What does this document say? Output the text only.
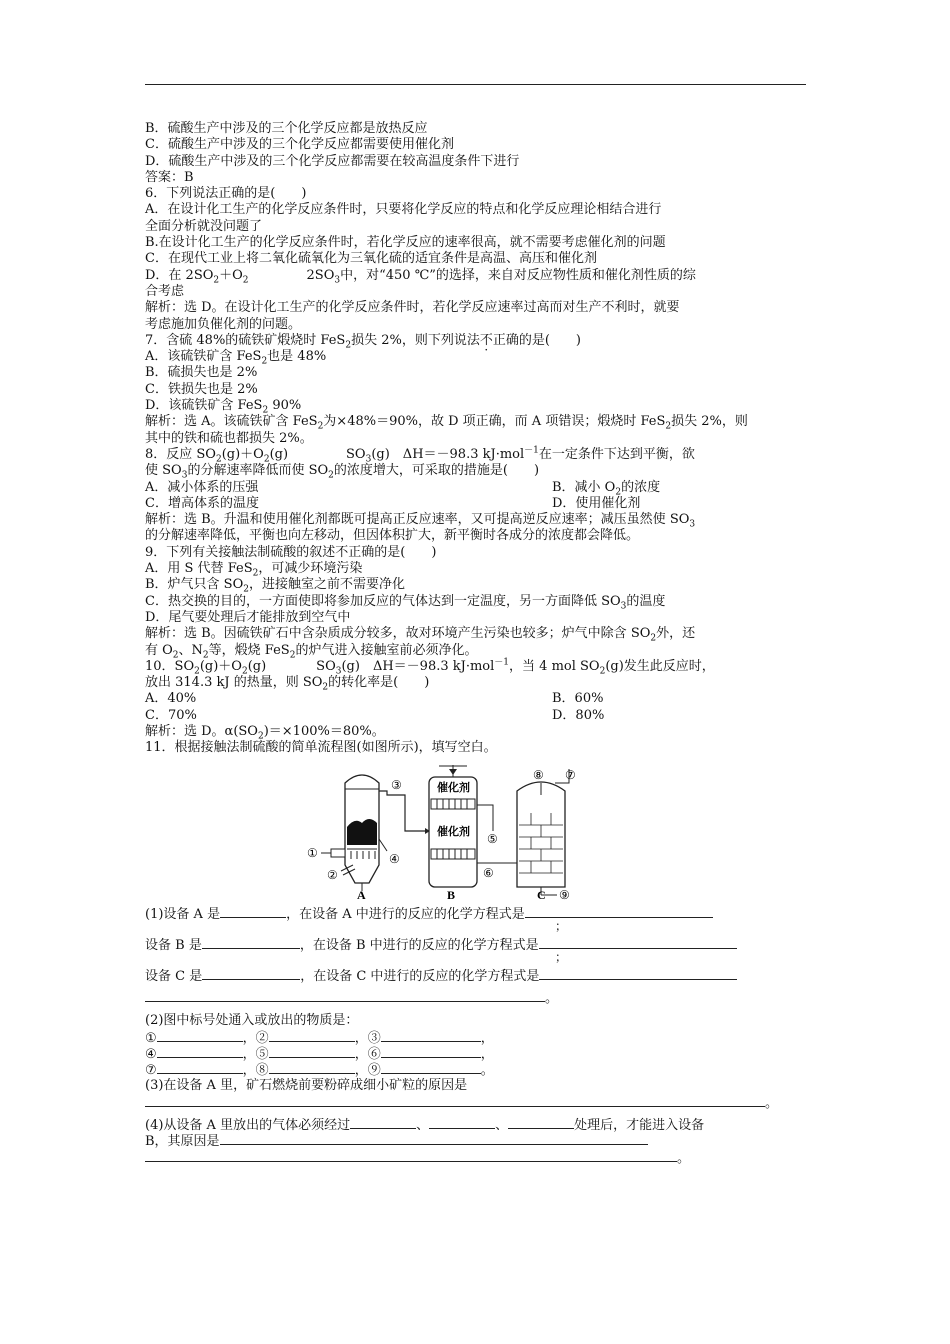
B．硫酸生产中涉及的三个化学反应都是放热反应
C．硫酸生产中涉及的三个化学反应都需要使用催化剂
D．硫酸生产中涉及的三个化学反应都需要在较高温度条件下进行
答案：B
6．下列说法正确的是(　　)
A．在设计化工生产的化学反应条件时，只要将化学反应的特点和化学反应理论相结合进行
全面分析就没问题了
B.在设计化工生产的化学反应条件时，若化学反应的速率很高，就不需要考虑催化剂的问题
C．在现代工业上将二氧化硫氧化为三氧化硫的适宜条件是高温、高压和催化剂
D．在 $2SO_2+O_2$	$2SO_3$中，对“450 ℃”的选择，来自对反应物性质和催化剂性质的综
合考虑
解析：选 D。在设计化工生产的化学反应条件时，若化学反应速率过高而对生产不利时，就要
考虑施加负催化剂的问题。
7．含硫 48%的硫铁矿煅烧时 FeS$_2$损失 2%，则下列说法不正确的是(　　)
A．该硫铁矿含 FeS$_2$也是 48%
B．硫损失也是 2%
C．铁损失也是 2%
D．该硫铁矿含 FeS$_2$ 90%
解析：选 A。该硫铁矿含 FeS$_2$为×48%＝90%，故 D 项正确，而 A 项错误；煅烧时 FeS$_2$损失 2%，则
其中的铁和硫也都损失 2%。
8．反应 $SO_2(g)+O_2(g)$	$SO_3(g)$　ΔH＝－98.3 kJ·mol$^{-1}$在一定条件下达到平衡，欲
使 $SO_3$的分解速率降低而使 $SO_2$的浓度增大，可采取的措施是(　　)
A．减小体系的压强	B．减小 $O_2$的浓度
C．增高体系的温度	D．使用催化剂
解析：选 B。升温和使用催化剂都既可提高正反应速率，又可提高逆反应速率；减压虽然使 $SO_3$
的分解速率降低，平衡也向左移动，但因体积扩大，新平衡时各成分的浓度都会降低。
9．下列有关接触法制硫酸的叙述不正确的是(　　)
A．用 S 代替 FeS$_2$，可减少环境污染
B．炉气只含 $SO_2$，进接触室之前不需要净化
C．热交换的目的，一方面使即将参加反应的气体达到一定温度，另一方面降低 $SO_3$的温度
D．尾气要处理后才能排放到空气中
解析：选 B。因硫铁矿石中含杂质成分较多，故对环境产生污染也较多；炉气中除含 $SO_2$外，还
有 $O_2$、$N_2$等，煅烧 FeS$_2$的炉气进入接触室前必须净化。
10．$SO_2(g)+O_2(g)$	$SO_3(g)$　ΔH＝－98.3 kJ·mol$^{-1}$，当 4 mol $SO_2(g)$发生此反应时，
放出 314.3 kJ 的热量，则 $SO_2$的转化率是(　　)
A．40%	B．60%
C．70%	D．80%
解析：选 D。$\alpha(SO_2)=\times 100\%=80\%$。
11．根据接触法制硫酸的简单流程图(如图所示)，填写空白。
催化剂
催化剂
A	B	C
①
②
③
④
⑤
⑥
⑦
⑧
⑨
(1)设备 A 是	，在设备 A 中进行的反应的化学方程式是
；
设备 B 是	，在设备 B 中进行的反应的化学方程式是
；
设备 C 是	，在设备 C 中进行的反应的化学方程式是
。
(2)图中标号处通入或放出的物质是：
①	，②	，③	，
④	，⑤	，⑥	，
⑦	，⑧	，⑨	。
(3)在设备 A 里，矿石燃烧前要粉碎成细小矿粒的原因是
。
(4)从设备 A 里放出的气体必须经过	、	、	处理后，才能进入设备
B，其原因是
。
